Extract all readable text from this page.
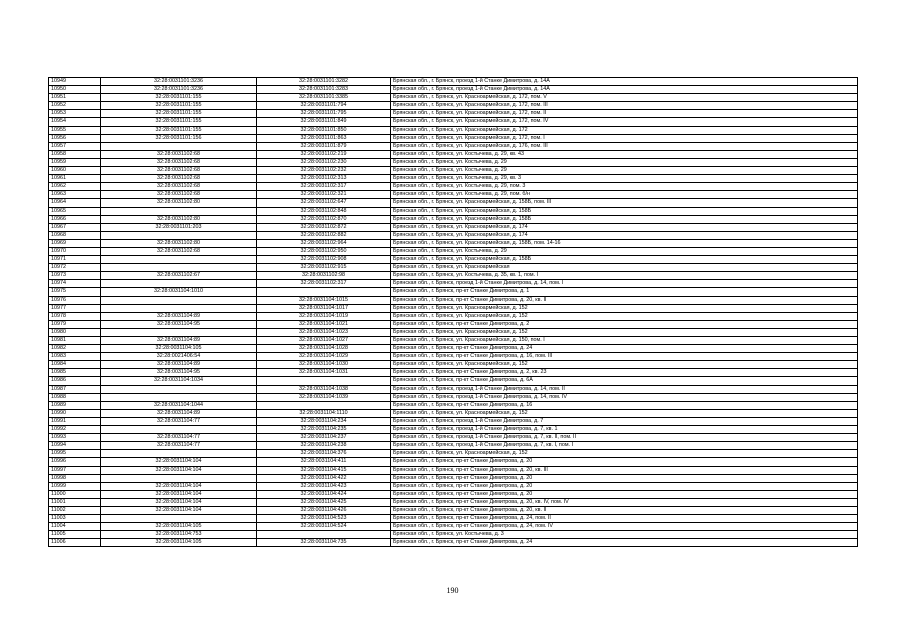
10949	32:28:0031101:3236	32:28:0031101:3282	Брянская обл., г. Брянск, проезд 1-й Станке Димитрова, д. 14А
10950	32:28:0031101:3236	32:28:0031101:3283	Брянская обл., г. Брянск, проезд 1-й Станке Димитрова, д. 14А
10951	32:28:0031101:155	32:28:0031101:3385	Брянская обл., г. Брянск, ул. Красноармейская, д. 172, пом. V
10952	32:28:0031101:155	32:28:0031101:794	Брянская обл., г. Брянск, ул. Красноармейская, д. 172, пом. III
10953	32:28:0031101:155	32:28:0031101:795	Брянская обл., г. Брянск, ул. Красноармейская, д. 172, пом. II
10954	32:28:0031101:155	32:28:0031101:849	Брянская обл., г. Брянск, ул. Красноармейская, д. 172, пом. IV
10955	32:28:0031101:155	32:28:0031101:850	Брянская обл., г. Брянск, ул. Красноармейская, д. 172
10956	32:28:0031101:156	32:28:0031101:863	Брянская обл., г. Брянск, ул. Красноармейская, д. 172, пом. I
10957		32:28:0031101:879	Брянская обл., г. Брянск, ул. Красноармейская, д. 176, пом. III
10958	32:28:0031102:68	32:28:0031102:219	Брянская обл., г. Брянск, ул. Костычева, д. 29, кв. 43
10959	32:28:0031102:68	32:28:0031102:230	Брянская обл., г. Брянск, ул. Костычева, д. 29
10960	32:28:0031102:68	32:28:0031102:232	Брянская обл., г. Брянск, ул. Костычева, д. 29
10961	32:28:0031102:68	32:28:0031102:313	Брянская обл., г. Брянск, ул. Костычева, д. 29, кв. 3
10962	32:28:0031102:68	32:28:0031102:317	Брянская обл., г. Брянск, ул. Костычева, д. 29, пом. 3
10963	32:28:0031102:68	32:28:0031102:321	Брянская обл., г. Брянск, ул. Костычева, д. 29, пом. б/н
10964	32:28:0031102:80	32:28:0031102:647	Брянская обл., г. Брянск, ул. Красноармейская, д. 158Б, пом. III
10965		32:28:0031102:848	Брянская обл., г. Брянск, ул. Красноармейская, д. 158Б
10966	32:28:0031102:80	32:28:0031102:870	Брянская обл., г. Брянск, ул. Красноармейская, д. 158Б
10967	32:28:0031101:203	32:28:0031102:872	Брянская обл., г. Брянск, ул. Красноармейская, д. 174
10968		32:28:0031102:882	Брянская обл., г. Брянск, ул. Красноармейская, д. 174
10969	32:28:0031102:80	32:28:0031102:964	Брянская обл., г. Брянск, ул. Красноармейская, д. 158Б, пом. 14-16
10970	32:28:0031102:68	32:28:0031102:950	Брянская обл., г. Брянск, ул. Костычева, д. 29
10971		32:28:0031102:908	Брянская обл., г. Брянск, ул. Красноармейская, д. 158Б
10972		32:28:0031102:915	Брянская обл., г. Брянск, ул. Красноармейская
10973	32:28:0031102:67	32:28:0031102:98	Брянская обл., г. Брянск, ул. Костычева, д. 35, кв. 1, пом. I
10974		32:28:0031102:317	Брянская обл., г. Брянск, проезд 1-й Станке Димитрова, д. 14, пом. I
10975	32:28:0031104:1010		Брянская обл., г. Брянск, пр-кт Станке Димитрова, д. 1
10976		32:28:0031104:1015	Брянская обл., г. Брянск, пр-кт Станке Димитрова, д. 20, кв. II
10977		32:28:0031104:1017	Брянская обл., г. Брянск, ул. Красноармейская, д. 152
10978	32:28:0031104:89	32:28:0031104:1019	Брянская обл., г. Брянск, ул. Красноармейская, д. 152
10979	32:28:0031104:95	32:28:0031104:1021	Брянская обл., г. Брянск, пр-кт Станке Димитрова, д. 2
10980		32:28:0031104:1023	Брянская обл., г. Брянск, ул. Красноармейская, д. 152
10981	32:28:0031104:89	32:28:0031104:1027	Брянская обл., г. Брянск, ул. Красноармейская, д. 150, пом. I
10982	32:28:0031104:105	32:28:0031104:1028	Брянская обл., г. Брянск, пр-кт Станке Димитрова, д. 24
10983	32:28:0021406:54	32:28:0031104:1029	Брянская обл., г. Брянск, пр-кт Станке Димитрова, д. 16, пом. III
10984	32:28:0031104:89	32:28:0031104:1030	Брянская обл., г. Брянск, ул. Красноармейская, д. 152
10985	32:28:0031104:95	32:28:0031104:1031	Брянская обл., г. Брянск, пр-кт Станке Димитрова, д. 2, кв. 23
10986	32:28:0031104:1034		Брянская обл., г. Брянск, пр-кт Станке Димитрова, д. 6А
10987		32:28:0031104:1038	Брянская обл., г. Брянск, проезд 1-й Станке Димитрова, д. 14, пом. II
10988		32:28:0031104:1039	Брянская обл., г. Брянск, проезд 1-й Станке Димитрова, д. 14, пом. IV
10989	32:28:0031104:1044		Брянская обл., г. Брянск, пр-кт Станке Димитрова, д. 16
10990	32:28:0031104:89	32:28:0031104:1110	Брянская обл., г. Брянск, ул. Красноармейская, д. 152
10991	32:28:0031104:77	32:28:0031104:234	Брянская обл., г. Брянск, проезд 1-й Станке Димитрова, д. 7
10992		32:28:0031104:235	Брянская обл., г. Брянск, проезд 1-й Станке Димитрова, д. 7, кв. 1
10993	32:28:0031104:77	32:28:0031104:237	Брянская обл., г. Брянск, проезд 1-й Станке Димитрова, д. 7, кв. II, пом. II
10994	32:28:0031104:77	32:28:0031104:238	Брянская обл., г. Брянск, проезд 1-й Станке Димитрова, д. 7, кв. I, пом. I
10995		32:28:0031104:376	Брянская обл., г. Брянск, ул. Красноармейская, д. 152
10996	32:28:0031104:104	32:28:0031104:411	Брянская обл., г. Брянск, пр-кт Станке Димитрова, д. 20
10997	32:28:0031104:104	32:28:0031104:415	Брянская обл., г. Брянск, пр-кт Станке Димитрова, д. 20, кв. III
10998		32:28:0031104:422	Брянская обл., г. Брянск, пр-кт Станке Димитрова, д. 20
10999	32:28:0031104:104	32:28:0031104:423	Брянская обл., г. Брянск, пр-кт Станке Димитрова, д. 20
11000	32:28:0031104:104	32:28:0031104:424	Брянская обл., г. Брянск, пр-кт Станке Димитрова, д. 20
11001	32:28:0031104:104	32:28:0031104:425	Брянская обл., г. Брянск, пр-кт Станке Димитрова, д. 20, кв. IV, пом. IV
11002	32:28:0031104:104	32:28:0031104:426	Брянская обл., г. Брянск, пр-кт Станке Димитрова, д. 20, кв. II
11003		32:28:0031104:523	Брянская обл., г. Брянск, пр-кт Станке Димитрова, д. 24, пом. II
11004	32:28:0031104:105	32:28:0031104:524	Брянская обл., г. Брянск, пр-кт Станке Димитрова, д. 24, пом. IV
11005	32:28:0031104:753		Брянская обл., г. Брянск, ул. Костычева, д. 3
11006	32:28:0031104:105	32:28:0031104:735	Брянская обл., г. Брянск, пр-кт Станке Димитрова, д. 24
190
